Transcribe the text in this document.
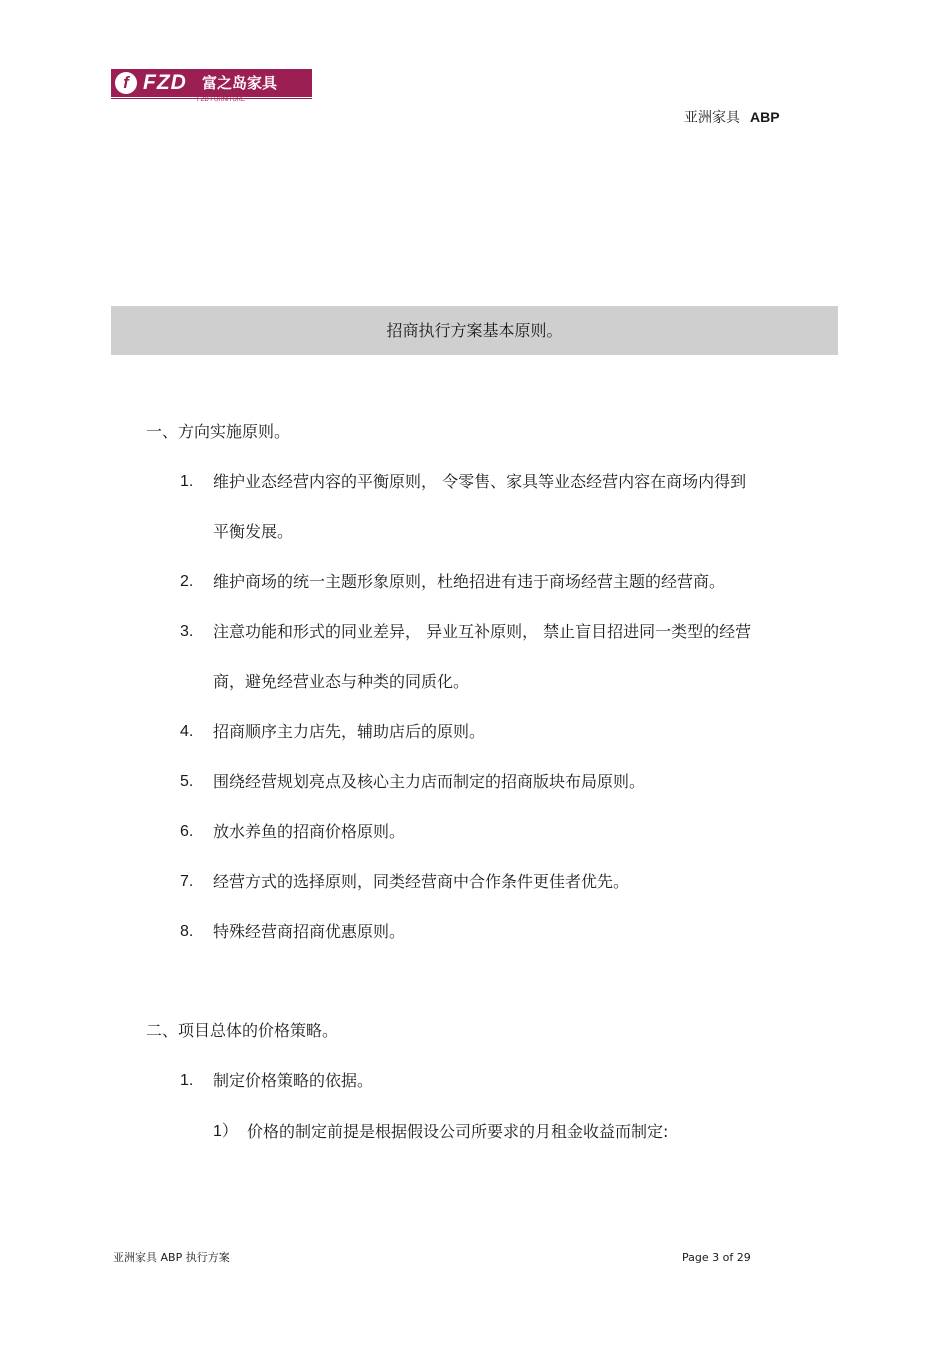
f FZD 富之岛家具
FZD FURNITURE
亚洲家具 ABP
招商执行方案基本原则。
一、方向实施原则。
1. 维护业态经营内容的平衡原则， 令零售、家具等业态经营内容在商场内得到
平衡发展。
2. 维护商场的统一主题形象原则，杜绝招进有违于商场经营主题的经营商。
3. 注意功能和形式的同业差异， 异业互补原则， 禁止盲目招进同一类型的经营
商，避免经营业态与种类的同质化。
4. 招商顺序主力店先，辅助店后的原则。
5. 围绕经营规划亮点及核心主力店而制定的招商版块布局原则。
6. 放水养鱼的招商价格原则。
7. 经营方式的选择原则，同类经营商中合作条件更佳者优先。
8. 特殊经营商招商优惠原则。
二、项目总体的价格策略。
1. 制定价格策略的依据。
1） 价格的制定前提是根据假设公司所要求的月租金收益而制定:
亚洲家具 ABP 执行方案	Page 3 of 29
